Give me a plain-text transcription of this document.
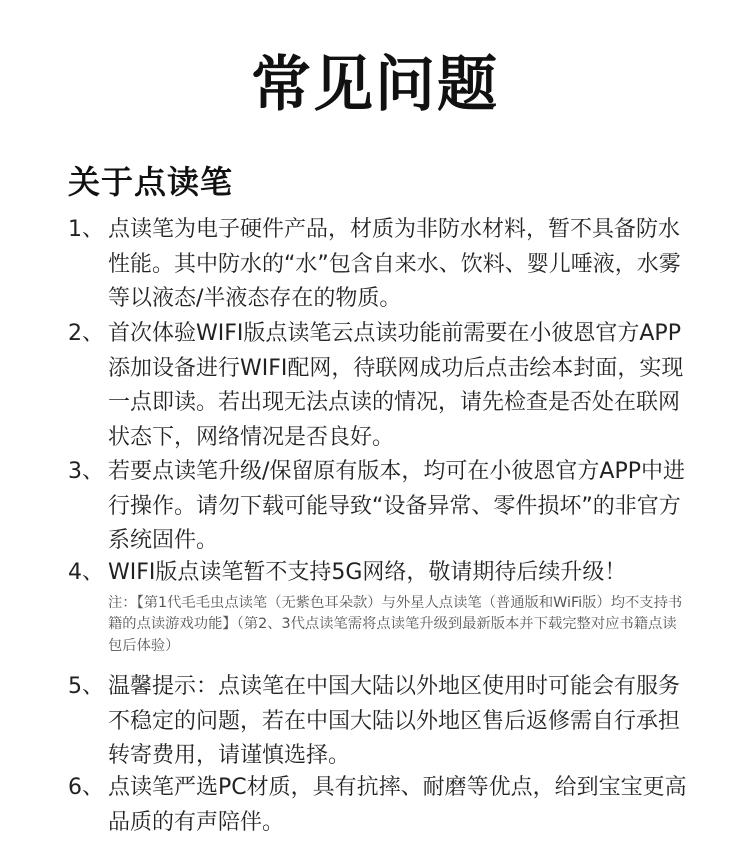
常见问题
关于点读笔
1、 点读笔为电子硬件产品，材质为非防水材料，暂不具备防水性能。其中防水的“水”包含自来水、饮料、婴儿唾液，水雾等以液态/半液态存在的物质。
2、 首次体验WIFI版点读笔云点读功能前需要在小彼恩官方APP添加设备进行WIFI配网，待联网成功后点击绘本封面，实现一点即读。若出现无法点读的情况，请先检查是否处在联网状态下，网络情况是否良好。
3、 若要点读笔升级/保留原有版本，均可在小彼恩官方APP中进行操作。请勿下载可能导致“设备异常、零件损坏”的非官方系统固件。
4、 WIFI版点读笔暂不支持5G网络，敬请期待后续升级！
注：【第1代毛毛虫点读笔（无紫色耳朵款）与外星人点读笔（普通版和WiFi版）均不支持书籍的点读游戏功能】（第2、3代点读笔需将点读笔升级到最新版本并下载完整对应书籍点读包后体验）
5、 温馨提示：点读笔在中国大陆以外地区使用时可能会有服务不稳定的问题，若在中国大陆以外地区售后返修需自行承担转寄费用，请谨慎选择。
6、 点读笔严选PC材质，具有抗摔、耐磨等优点，给到宝宝更高品质的有声陪伴。
